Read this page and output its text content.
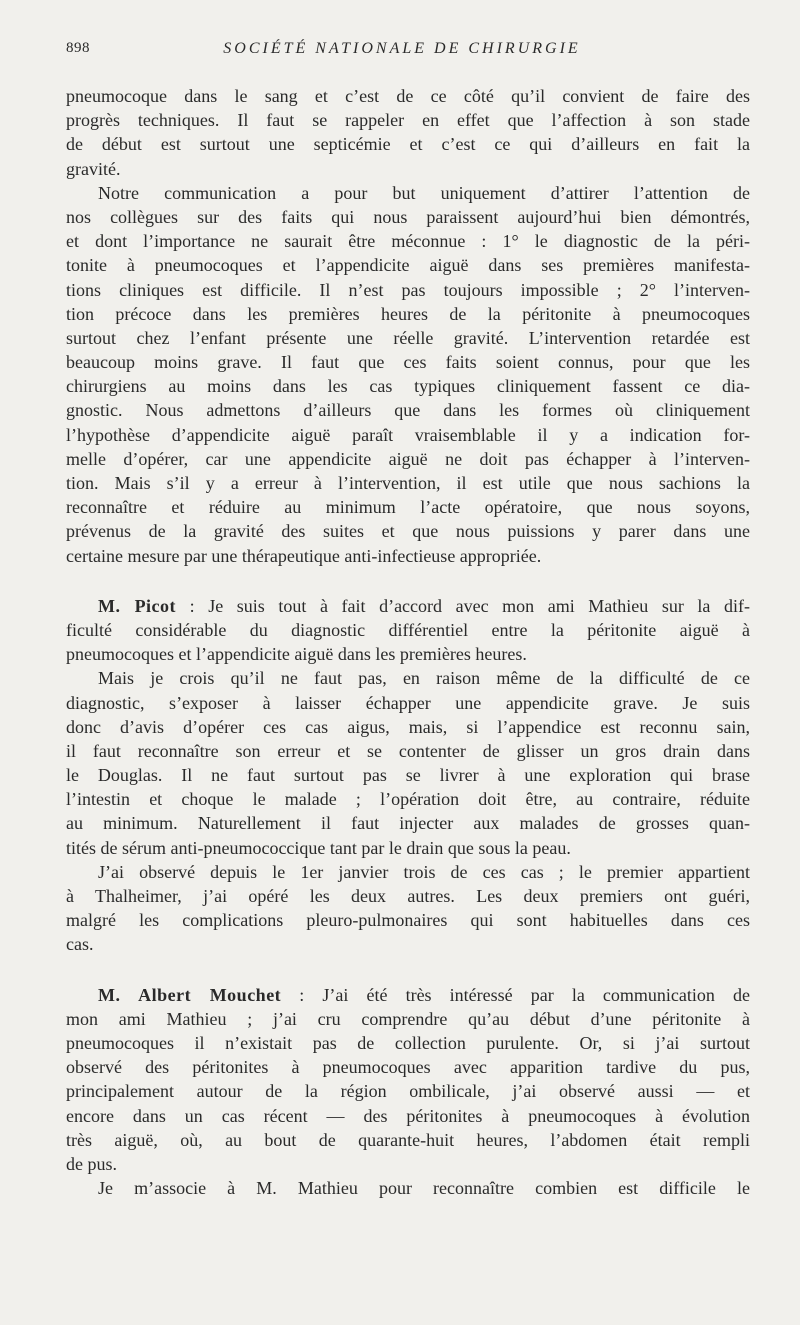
898	SOCIÉTÉ NATIONALE DE CHIRURGIE
pneumocoque dans le sang et c’est de ce côté qu’il convient de faire des
progrès techniques. Il faut se rappeler en effet que l’affection à son stade
de début est surtout une septicémie et c’est ce qui d’ailleurs en fait la
gravité.
Notre communication a pour but uniquement d’attirer l’attention de
nos collègues sur des faits qui nous paraissent aujourd’hui bien démontrés,
et dont l’importance ne saurait être méconnue : 1° le diagnostic de la péri-
tonite à pneumocoques et l’appendicite aiguë dans ses premières manifesta-
tions cliniques est difficile. Il n’est pas toujours impossible ; 2° l’interven-
tion précoce dans les premières heures de la péritonite à pneumocoques
surtout chez l’enfant présente une réelle gravité. L’intervention retardée est
beaucoup moins grave. Il faut que ces faits soient connus, pour que les
chirurgiens au moins dans les cas typiques cliniquement fassent ce dia-
gnostic. Nous admettons d’ailleurs que dans les formes où cliniquement
l’hypothèse d’appendicite aiguë paraît vraisemblable il y a indication for-
melle d’opérer, car une appendicite aiguë ne doit pas échapper à l’interven-
tion. Mais s’il y a erreur à l’intervention, il est utile que nous sachions la
reconnaître et réduire au minimum l’acte opératoire, que nous soyons,
prévenus de la gravité des suites et que nous puissions y parer dans une
certaine mesure par une thérapeutique anti-infectieuse appropriée.
M. Picot : Je suis tout à fait d’accord avec mon ami Mathieu sur la dif-
ficulté considérable du diagnostic différentiel entre la péritonite aiguë à
pneumocoques et l’appendicite aiguë dans les premières heures.
Mais je crois qu’il ne faut pas, en raison même de la difficulté de ce
diagnostic, s’exposer à laisser échapper une appendicite grave. Je suis
donc d’avis d’opérer ces cas aigus, mais, si l’appendice est reconnu sain,
il faut reconnaître son erreur et se contenter de glisser un gros drain dans
le Douglas. Il ne faut surtout pas se livrer à une exploration qui brase
l’intestin et choque le malade ; l’opération doit être, au contraire, réduite
au minimum. Naturellement il faut injecter aux malades de grosses quan-
tités de sérum anti-pneumococcique tant par le drain que sous la peau.
J’ai observé depuis le 1er janvier trois de ces cas ; le premier appartient
à Thalheimer, j’ai opéré les deux autres. Les deux premiers ont guéri,
malgré les complications pleuro-pulmonaires qui sont habituelles dans ces
cas.
M. Albert Mouchet : J’ai été très intéressé par la communication de
mon ami Mathieu ; j’ai cru comprendre qu’au début d’une péritonite à
pneumocoques il n’existait pas de collection purulente. Or, si j’ai surtout
observé des péritonites à pneumocoques avec apparition tardive du pus,
principalement autour de la région ombilicale, j’ai observé aussi — et
encore dans un cas récent — des péritonites à pneumocoques à évolution
très aiguë, où, au bout de quarante-huit heures, l’abdomen était rempli
de pus.
Je m’associe à M. Mathieu pour reconnaître combien est difficile le
